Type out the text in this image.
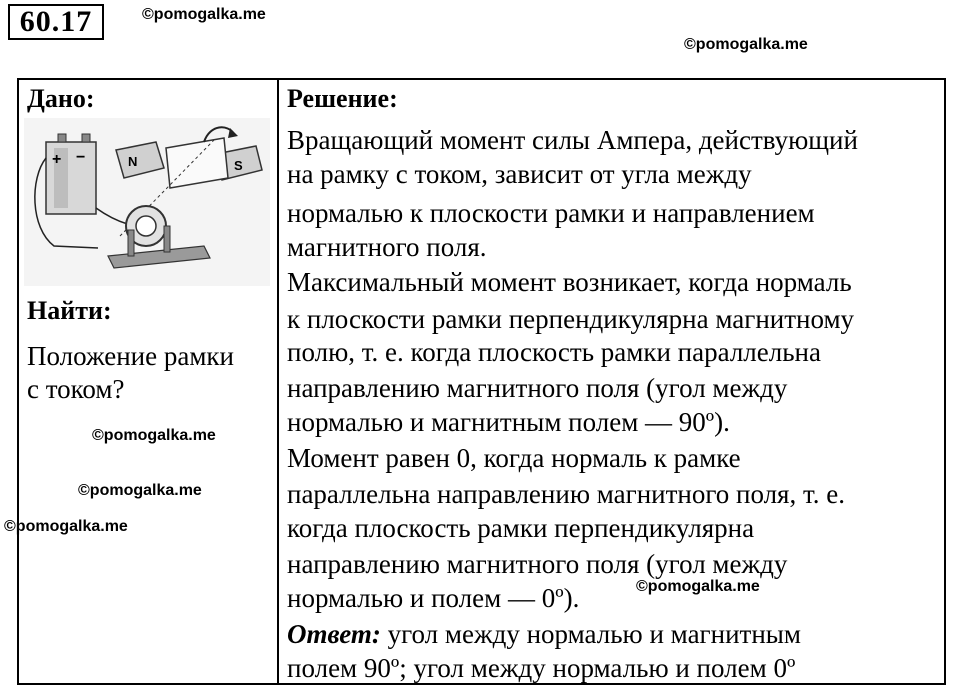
60.17	©pomogalka.me
©pomogalka.me
©pomogalka.me
©pomogalka.me
©pomogalka.me
©pomogalka.me
Дано:
+ −	N	S
Найти:
Положение рамки
с током?
Решение:
Вращающий момент силы Ампера, действующий
на рамку с током, зависит от угла между
нормалью к плоскости рамки и направлением
магнитного поля.
Максимальный момент возникает, когда нормаль
к плоскости рамки перпендикулярна магнитному
полю, т. е. когда плоскость рамки параллельна
направлению магнитного поля (угол между
нормалью и магнитным полем — 90º).
Момент равен 0, когда нормаль к рамке
параллельна направлению магнитного поля, т. е.
когда плоскость рамки перпендикулярна
направлению магнитного поля (угол между
нормалью и полем — 0º).
Ответ: угол между нормалью и магнитным
полем 90º; угол между нормалью и полем 0º
